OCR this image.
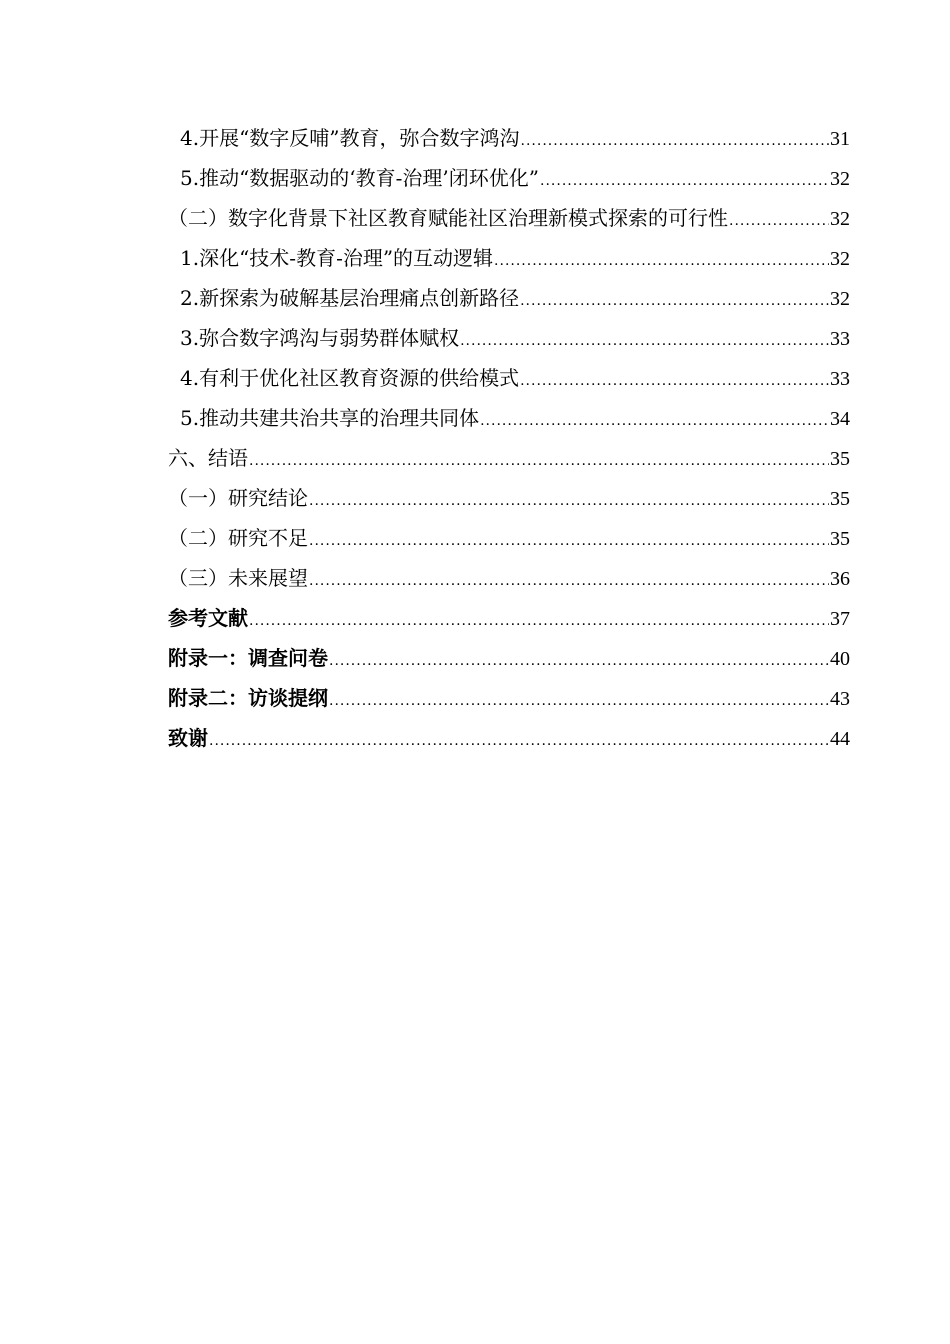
4.开展“数字反哺”教育，弥合数字鸿沟 .....	31
5.推动“数据驱动的‘教育-治理’闭环优化” .....	32
（二）数字化背景下社区教育赋能社区治理新模式探索的可行性 .....	32
1.深化“技术-教育-治理”的互动逻辑 .....	32
2.新探索为破解基层治理痛点创新路径 .....	32
3.弥合数字鸿沟与弱势群体赋权 .....	33
4.有利于优化社区教育资源的供给模式 .....	33
5.推动共建共治共享的治理共同体 .....	34
六、结语 .....	35
（一）研究结论 .....	35
（二）研究不足 .....	35
（三）未来展望 .....	36
参考文献 .....	37
附录一：调查问卷 .....	40
附录二：访谈提纲 .....	43
致谢 .....	44
